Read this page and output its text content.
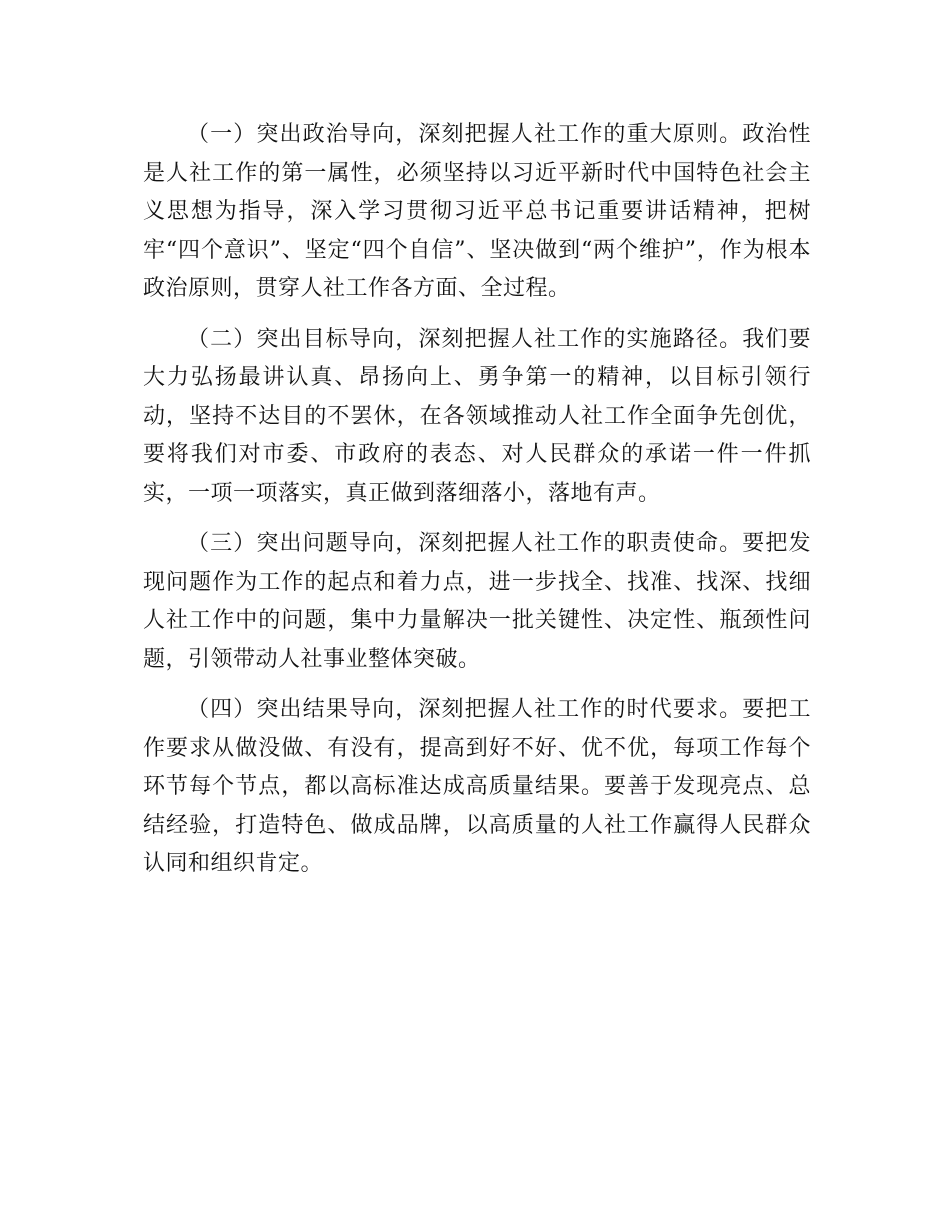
（一）突出政治导向，深刻把握人社工作的重大原则。政治性是人社工作的第一属性，必须坚持以习近平新时代中国特色社会主义思想为指导，深入学习贯彻习近平总书记重要讲话精神，把树牢“四个意识”、坚定“四个自信”、坚决做到“两个维护”，作为根本政治原则，贯穿人社工作各方面、全过程。

（二）突出目标导向，深刻把握人社工作的实施路径。我们要大力弘扬最讲认真、昂扬向上、勇争第一的精神，以目标引领行动，坚持不达目的不罢休，在各领域推动人社工作全面争先创优，要将我们对市委、市政府的表态、对人民群众的承诺一件一件抓实，一项一项落实，真正做到落细落小，落地有声。

（三）突出问题导向，深刻把握人社工作的职责使命。要把发现问题作为工作的起点和着力点，进一步找全、找准、找深、找细人社工作中的问题，集中力量解决一批关键性、决定性、瓶颈性问题，引领带动人社事业整体突破。

（四）突出结果导向，深刻把握人社工作的时代要求。要把工作要求从做没做、有没有，提高到好不好、优不优，每项工作每个环节每个节点，都以高标准达成高质量结果。要善于发现亮点、总结经验，打造特色、做成品牌，以高质量的人社工作赢得人民群众认同和组织肯定。
